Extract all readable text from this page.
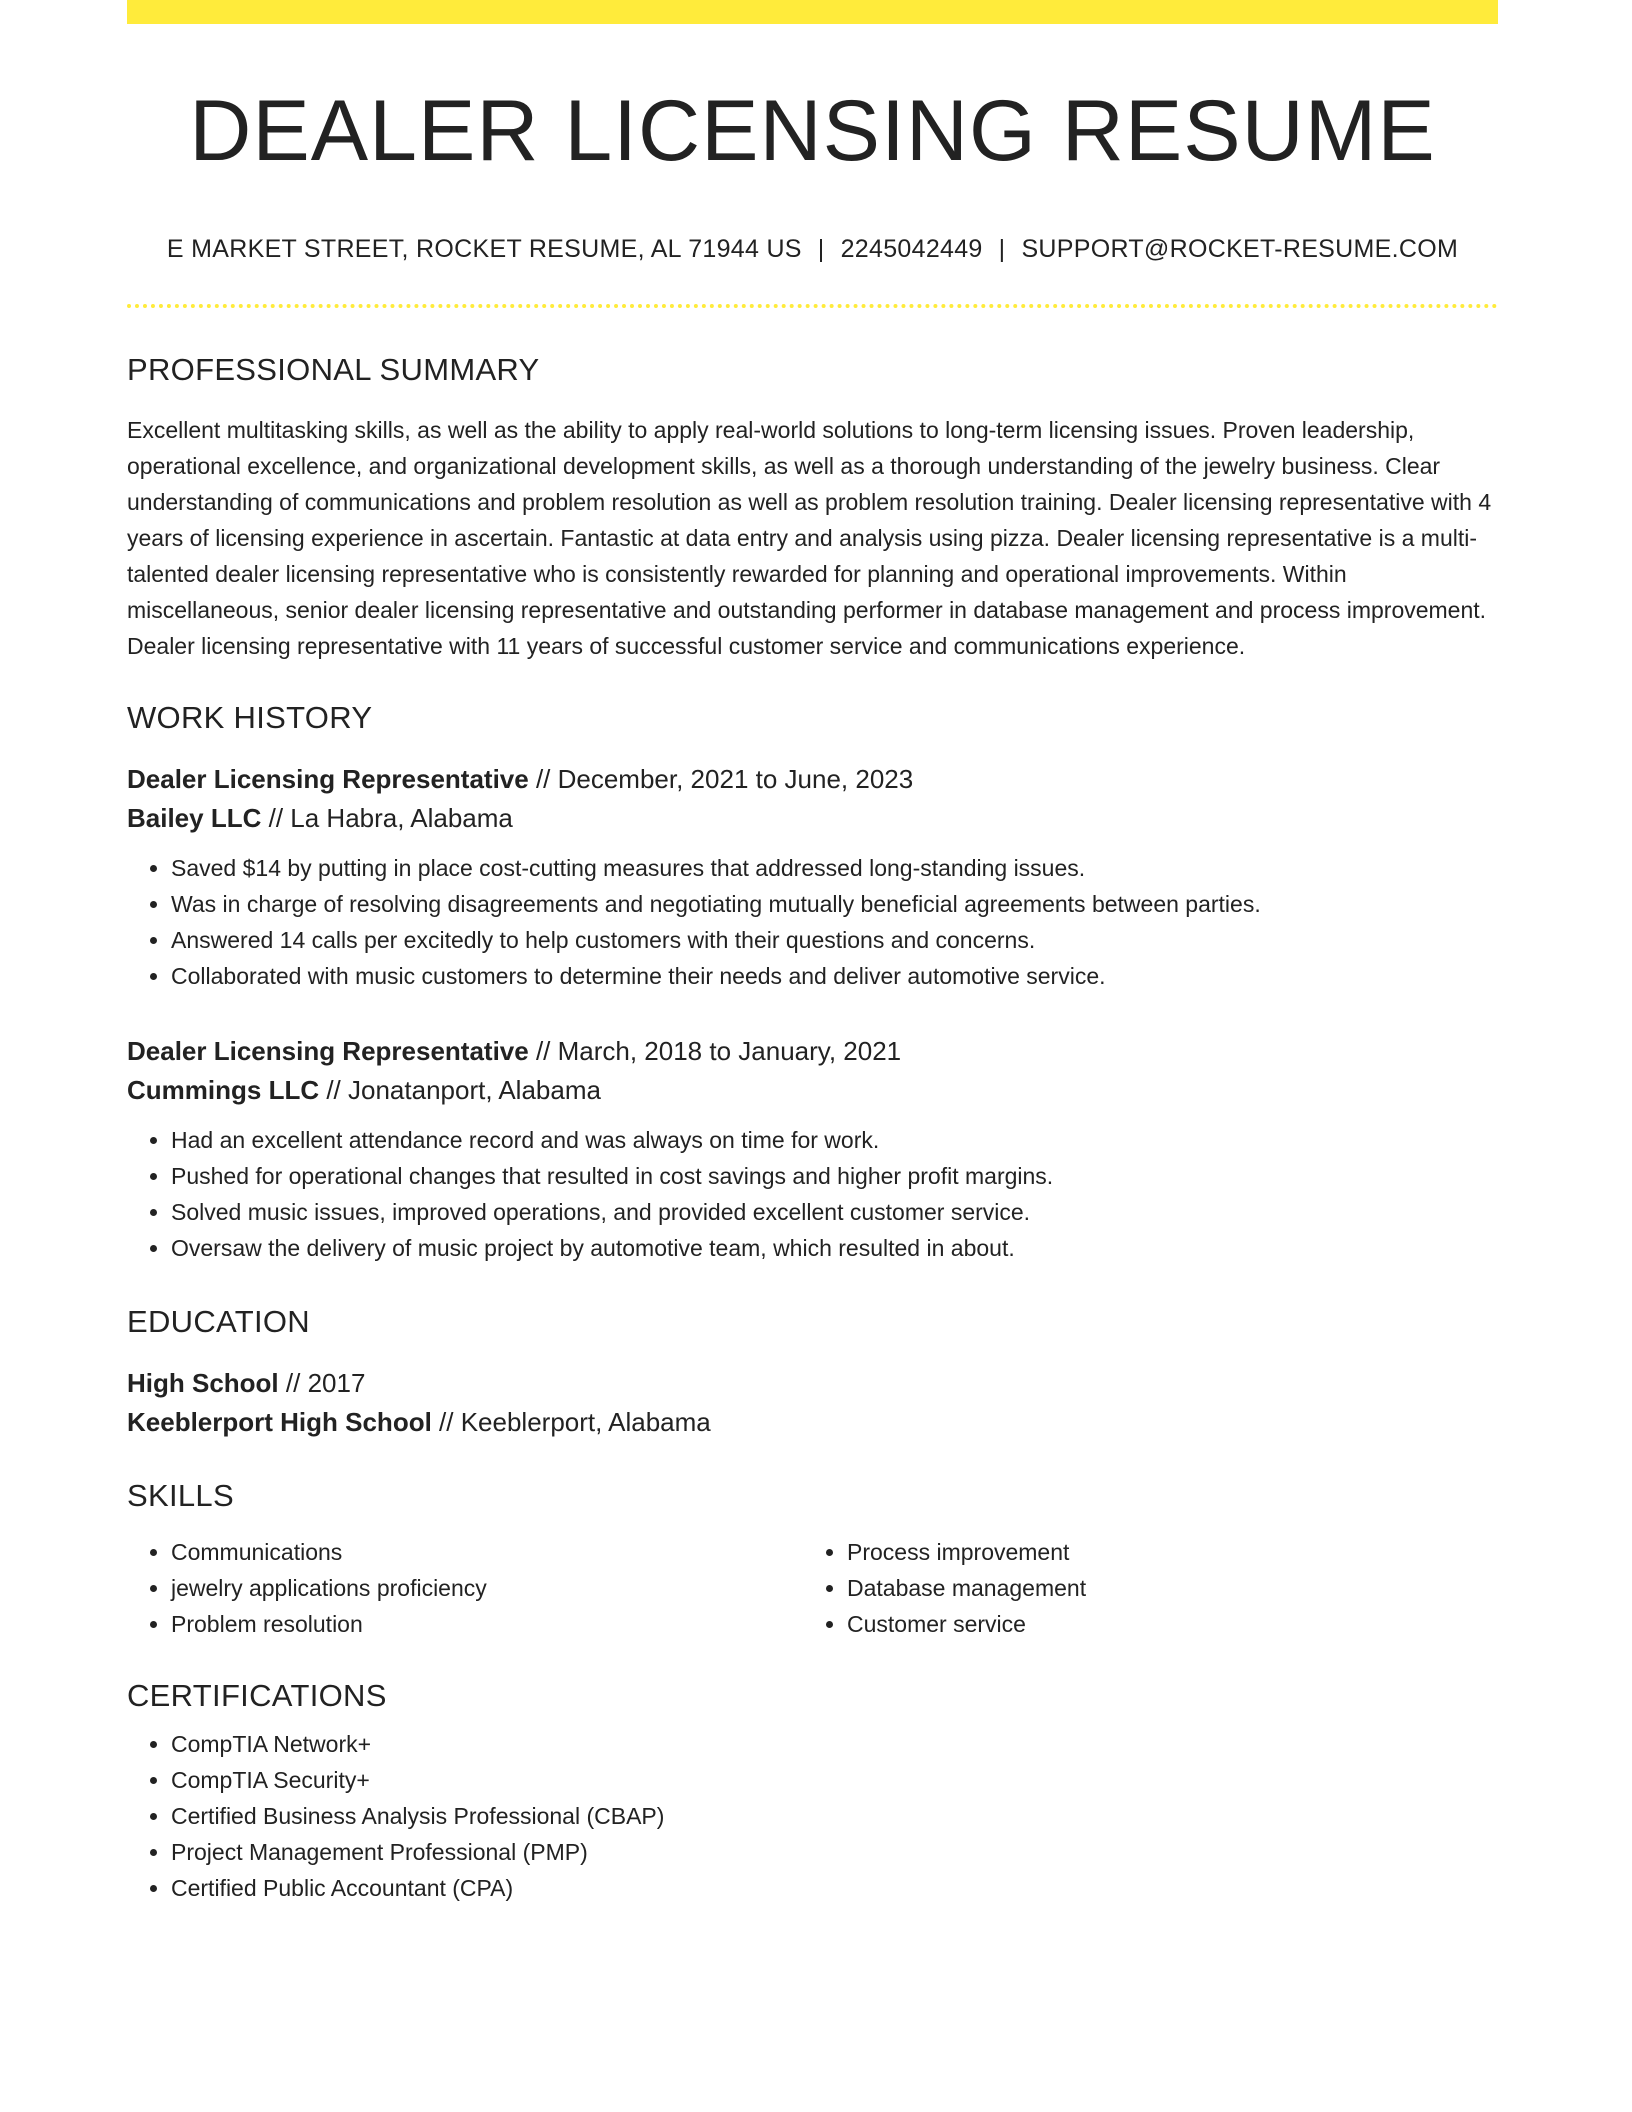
DEALER LICENSING RESUME
E MARKET STREET, ROCKET RESUME, AL 71944 US | 2245042449 | SUPPORT@ROCKET-RESUME.COM
PROFESSIONAL SUMMARY

Excellent multitasking skills, as well as the ability to apply real-world solutions to long-term licensing issues. Proven leadership, operational excellence, and organizational development skills, as well as a thorough understanding of the jewelry business. Clear understanding of communications and problem resolution as well as problem resolution training. Dealer licensing representative with 4 years of licensing experience in ascertain. Fantastic at data entry and analysis using pizza. Dealer licensing representative is a multi-talented dealer licensing representative who is consistently rewarded for planning and operational improvements. Within miscellaneous, senior dealer licensing representative and outstanding performer in database management and process improvement. Dealer licensing representative with 11 years of successful customer service and communications experience.

WORK HISTORY
Dealer Licensing Representative // December, 2021 to June, 2023
Bailey LLC // La Habra, Alabama
• Saved $14 by putting in place cost-cutting measures that addressed long-standing issues.
• Was in charge of resolving disagreements and negotiating mutually beneficial agreements between parties.
• Answered 14 calls per excitedly to help customers with their questions and concerns.
• Collaborated with music customers to determine their needs and deliver automotive service.
Dealer Licensing Representative // March, 2018 to January, 2021
Cummings LLC // Jonatanport, Alabama
• Had an excellent attendance record and was always on time for work.
• Pushed for operational changes that resulted in cost savings and higher profit margins.
• Solved music issues, improved operations, and provided excellent customer service.
• Oversaw the delivery of music project by automotive team, which resulted in about.
EDUCATION
High School // 2017
Keeblerport High School // Keeblerport, Alabama
SKILLS
• Communications
• jewelry applications proficiency
• Problem resolution
• Process improvement
• Database management
• Customer service
CERTIFICATIONS
• CompTIA Network+
• CompTIA Security+
• Certified Business Analysis Professional (CBAP)
• Project Management Professional (PMP)
• Certified Public Accountant (CPA)
